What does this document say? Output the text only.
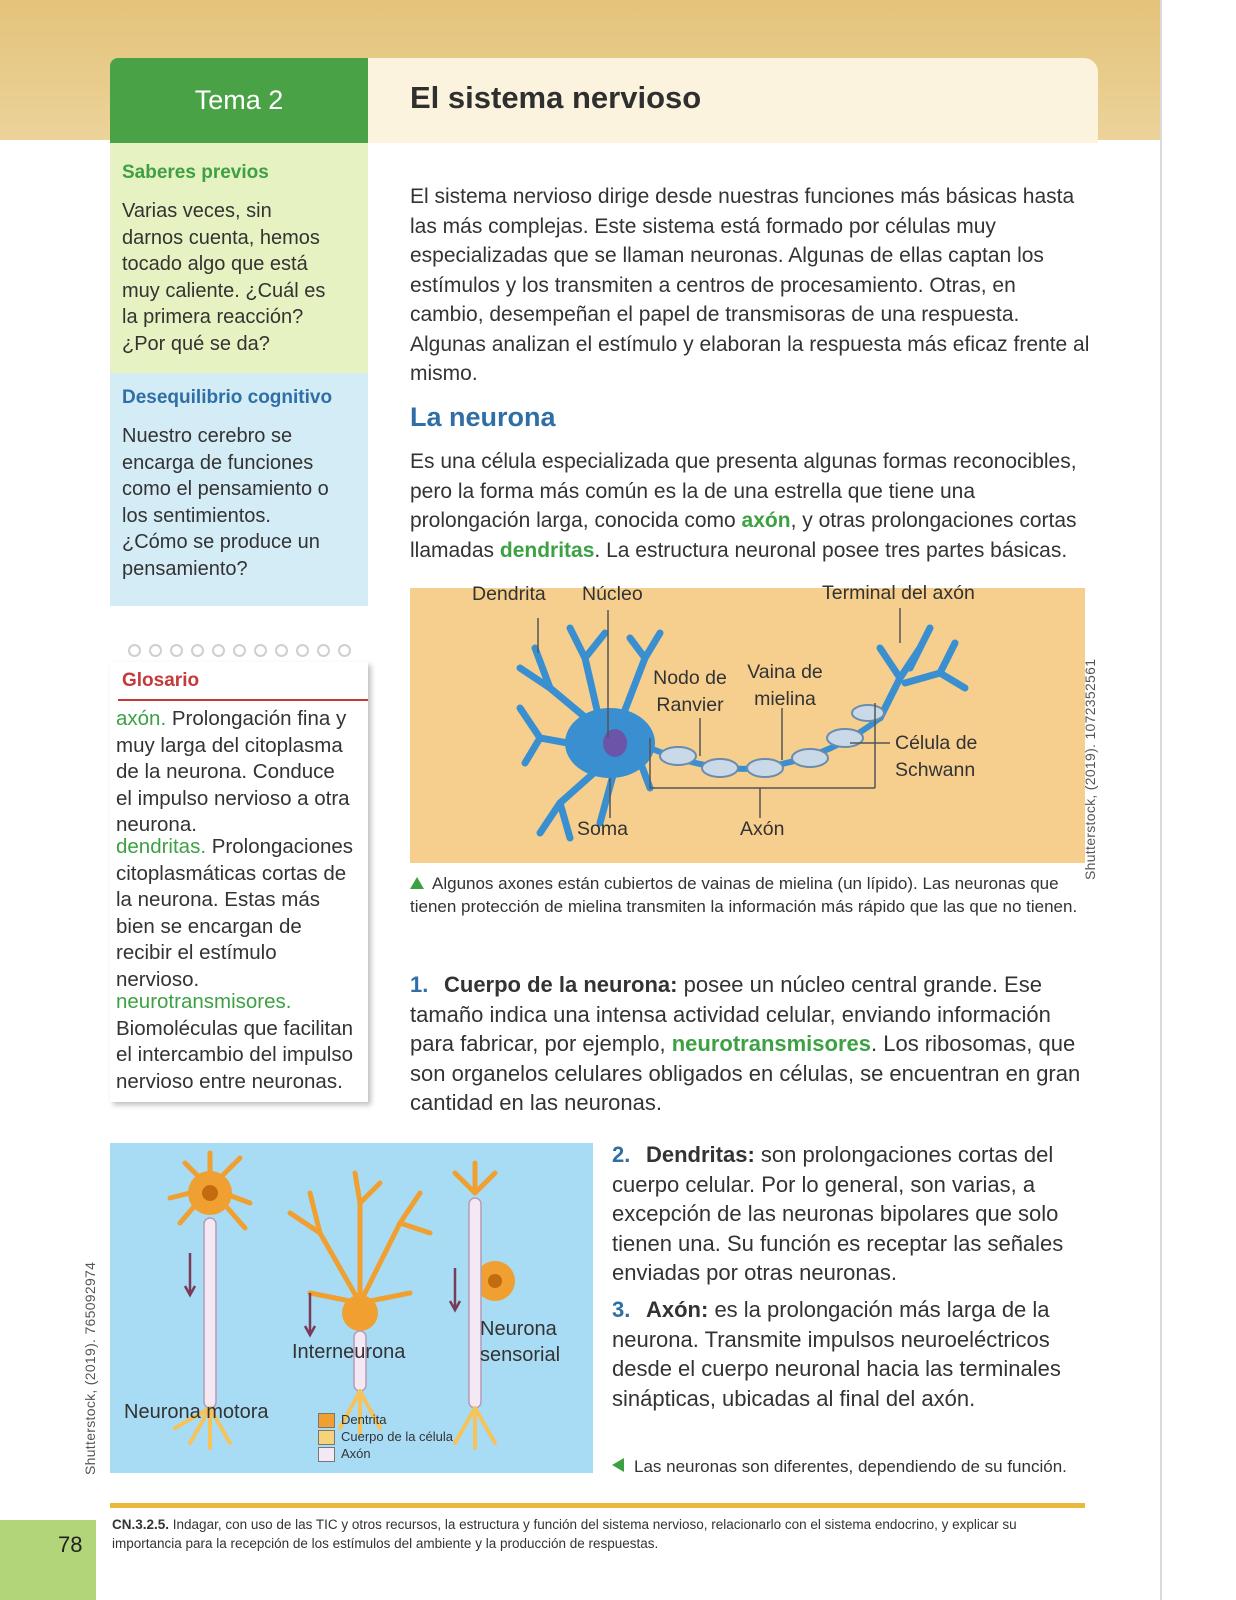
Tema 2	El sistema nervioso
Saberes previos
Varias veces, sin darnos cuenta, hemos tocado algo que está muy caliente. ¿Cuál es la primera reacción? ¿Por qué se da?
Desequilibrio cognitivo
Nuestro cerebro se encarga de funciones como el pensamiento o los sentimientos. ¿Cómo se produce un pensamiento?
Glosario
axón. Prolongación fina y muy larga del citoplasma de la neurona. Conduce el impulso nervioso a otra neurona.
dendritas. Prolongaciones citoplasmáticas cortas de la neurona. Estas más bien se encargan de recibir el estímulo nervioso.
neurotransmisores.
Biomoléculas que facilitan el intercambio del impulso nervioso entre neuronas.
El sistema nervioso dirige desde nuestras funciones más básicas hasta las más complejas. Este sistema está formado por células muy especializadas que se llaman neuronas. Algunas de ellas captan los estímulos y los transmiten a centros de procesamiento. Otras, en cambio, desempeñan el papel de transmisoras de una respuesta. Algunas analizan el estímulo y elaboran la respuesta más eficaz frente al mismo.
La neurona
Es una célula especializada que presenta algunas formas reconocibles, pero la forma más común es la de una estrella que tiene una prolongación larga, conocida como axón, y otras prolongaciones cortas llamadas dendritas. La estructura neuronal posee tres partes básicas.
Dendrita Núcleo	Terminal del axón
Nodo de Ranvier
Vaina de mielina
Célula de Schwann
Soma	Axón	Shutterstock, (2019). 1072352561
Algunos axones están cubiertos de vainas de mielina (un lípido). Las neuronas que tienen protección de mielina transmiten la información más rápido que las que no tienen.
1. Cuerpo de la neurona: posee un núcleo central grande. Ese tamaño indica una intensa actividad celular, enviando información para fabricar, por ejemplo, neurotransmisores. Los ribosomas, que son organelos celulares obligados en células, se encuentran en gran cantidad en las neuronas.
Neurona motora
Interneurona
Neurona sensorial
Dentrita
Cuerpo de la célula
Axón
Shutterstock, (2019). 765092974
2. Dendritas: son prolongaciones cortas del cuerpo celular. Por lo general, son varias, a excepción de las neuronas bipolares que solo tienen una. Su función es receptar las señales enviadas por otras neuronas.
3. Axón: es la prolongación más larga de la neurona. Transmite impulsos neuroeléctricos desde el cuerpo neuronal hacia las terminales sinápticas, ubicadas al final del axón.
Las neuronas son diferentes, dependiendo de su función.
78
CN.3.2.5. Indagar, con uso de las TIC y otros recursos, la estructura y función del sistema nervioso, relacionarlo con el sistema endocrino, y explicar su importancia para la recepción de los estímulos del ambiente y la producción de respuestas.
